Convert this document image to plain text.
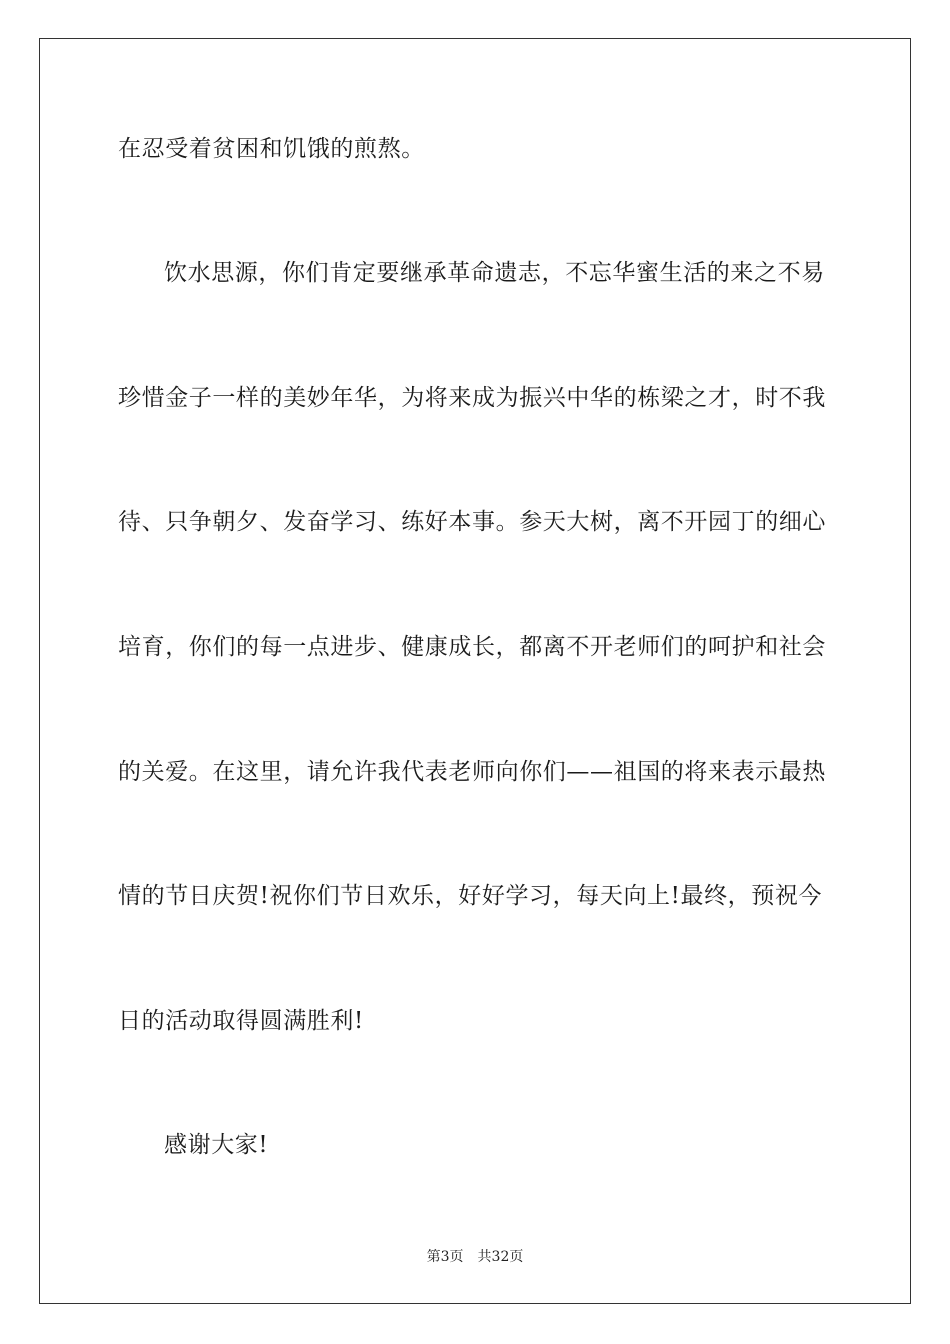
在忍受着贫困和饥饿的煎熬。
饮水思源，你们肯定要继承革命遗志，不忘华蜜生活的来之不易
珍惜金子一样的美妙年华，为将来成为振兴中华的栋梁之才，时不我
待、只争朝夕、发奋学习、练好本事。参天大树，离不开园丁的细心
培育，你们的每一点进步、健康成长，都离不开老师们的呵护和社会
的关爱。在这里，请允许我代表老师向你们——祖国的将来表示最热
情的节日庆贺!祝你们节日欢乐，好好学习，每天向上!最终，预祝今
日的活动取得圆满胜利!
感谢大家!
第3页 共32页
